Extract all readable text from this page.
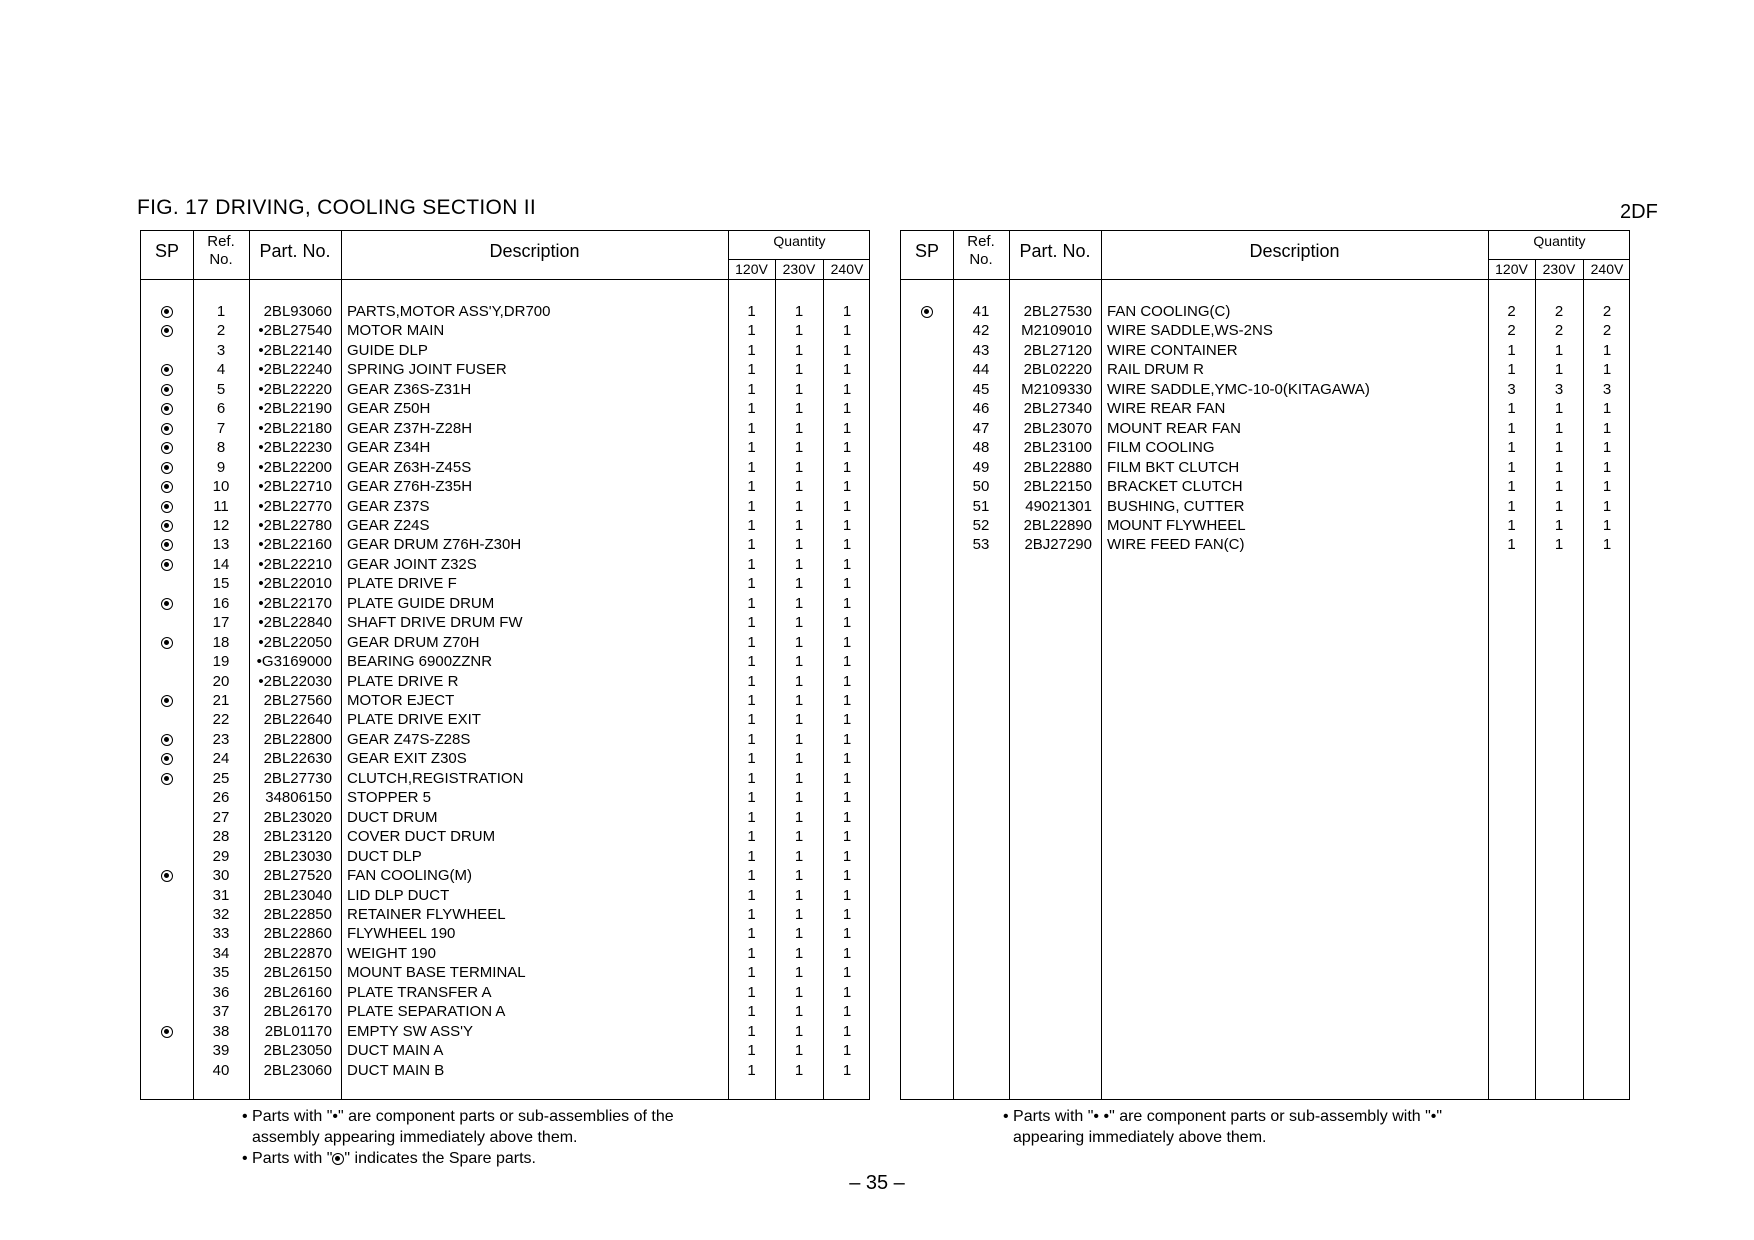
FIG. 17 DRIVING, COOLING SECTION II	2DF
SP	Ref.
No.	Part. No.	Description	Quantity
120V	230V	240V
1	2BL93060 PARTS,MOTOR ASS'Y,DR700	1	1	1
2	•2BL27540 MOTOR MAIN	1	1	1
3	•2BL22140 GUIDE DLP	1	1	1
4	•2BL22240 SPRING JOINT FUSER	1	1	1
5	•2BL22220 GEAR Z36S-Z31H	1	1	1
6	•2BL22190 GEAR Z50H	1	1	1
7	•2BL22180 GEAR Z37H-Z28H	1	1	1
8	•2BL22230 GEAR Z34H	1	1	1
9	•2BL22200 GEAR Z63H-Z45S	1	1	1
10	•2BL22710 GEAR Z76H-Z35H	1	1	1
11	•2BL22770 GEAR Z37S	1	1	1
12	•2BL22780 GEAR Z24S	1	1	1
13	•2BL22160 GEAR DRUM Z76H-Z30H	1	1	1
14	•2BL22210 GEAR JOINT Z32S	1	1	1
15	•2BL22010 PLATE DRIVE F	1	1	1
16	•2BL22170 PLATE GUIDE DRUM	1	1	1
17	•2BL22840 SHAFT DRIVE DRUM FW	1	1	1
18	•2BL22050 GEAR DRUM Z70H	1	1	1
19	•G3169000 BEARING 6900ZZNR	1	1	1
20	•2BL22030 PLATE DRIVE R	1	1	1
21	2BL27560 MOTOR EJECT	1	1	1
22	2BL22640 PLATE DRIVE EXIT	1	1	1
23	2BL22800 GEAR Z47S-Z28S	1	1	1
24	2BL22630 GEAR EXIT Z30S	1	1	1
25	2BL27730 CLUTCH,REGISTRATION	1	1	1
26	34806150 STOPPER 5	1	1	1
27	2BL23020 DUCT DRUM	1	1	1
28	2BL23120 COVER DUCT DRUM	1	1	1
29	2BL23030 DUCT DLP	1	1	1
30	2BL27520 FAN COOLING(M)	1	1	1
31	2BL23040 LID DLP DUCT	1	1	1
32	2BL22850 RETAINER FLYWHEEL	1	1	1
33	2BL22860 FLYWHEEL 190	1	1	1
34	2BL22870 WEIGHT 190	1	1	1
35	2BL26150 MOUNT BASE TERMINAL	1	1	1
36	2BL26160 PLATE TRANSFER A	1	1	1
37	2BL26170 PLATE SEPARATION A	1	1	1
38	2BL01170 EMPTY SW ASS'Y	1	1	1
39	2BL23050 DUCT MAIN A	1	1	1
40	2BL23060 DUCT MAIN B	1	1	1
SP	Ref.
No.	Part. No.	Description	Quantity
120V	230V	240V
41	2BL27530 FAN COOLING(C)	2	2	2
42	M2109010 WIRE SADDLE,WS-2NS	2	2	2
43	2BL27120 WIRE CONTAINER	1	1	1
44	2BL02220 RAIL DRUM R	1	1	1
45	M2109330 WIRE SADDLE,YMC-10-0(KITAGAWA)	3	3	3
46	2BL27340 WIRE REAR FAN	1	1	1
47	2BL23070 MOUNT REAR FAN	1	1	1
48	2BL23100 FILM COOLING	1	1	1
49	2BL22880 FILM BKT CLUTCH	1	1	1
50	2BL22150 BRACKET CLUTCH	1	1	1
51	49021301 BUSHING, CUTTER	1	1	1
52	2BL22890 MOUNT FLYWHEEL	1	1	1
53	2BJ27290 WIRE FEED FAN(C)	1	1	1
• Parts with "•" are component parts or sub-assemblies of the
assembly appearing immediately above them.
• Parts with " " indicates the Spare parts.
• Parts with "• •" are component parts or sub-assembly with "•"
appearing immediately above them.
– 35 –
